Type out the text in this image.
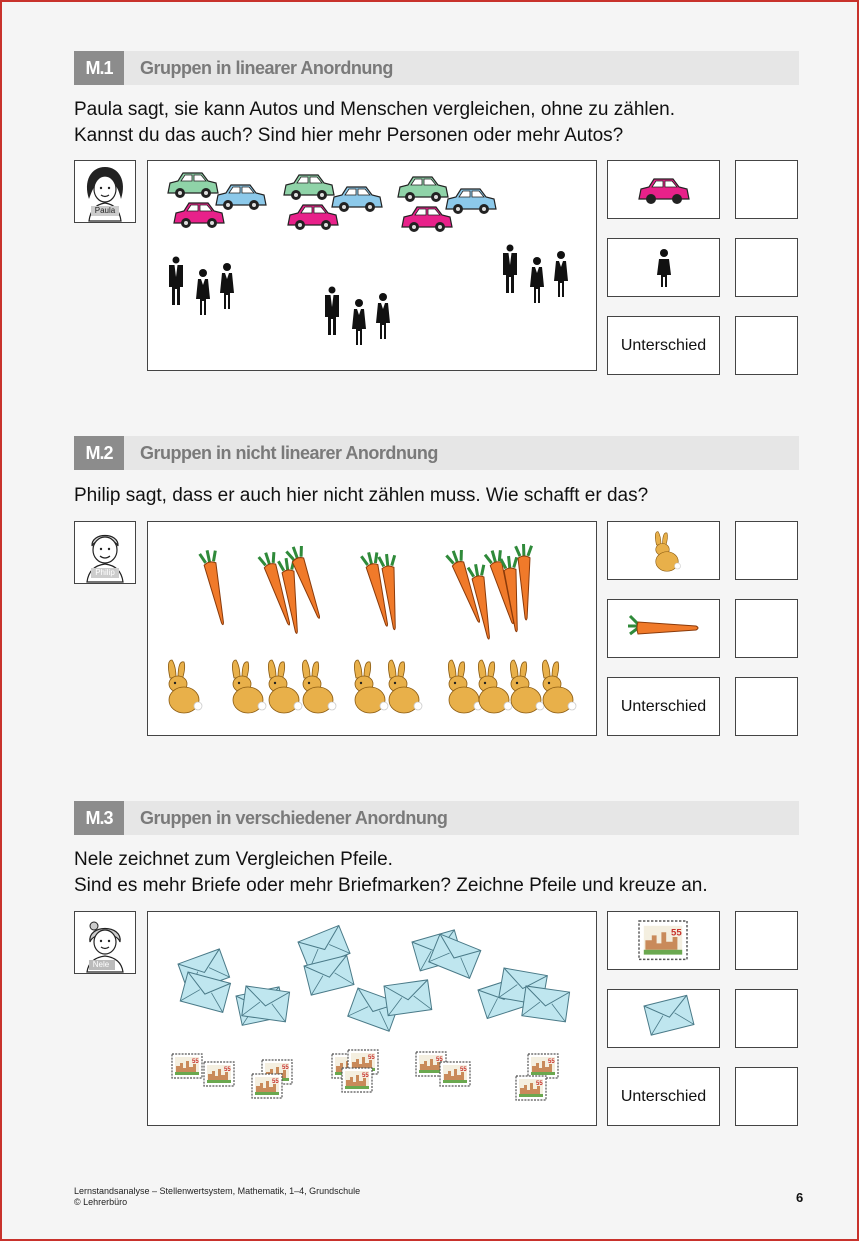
M.1	Gruppen in linearer Anordnung
Paula sagt, sie kann Autos und Menschen vergleichen, ohne zu zählen.
Kannst du das auch? Sind hier mehr Personen oder mehr Autos?
Paula
Unterschied
M.2	Gruppen in nicht linearer Anordnung
Philip sagt, dass er auch hier nicht zählen muss. Wie schafft er das?
Philip
Unterschied
M.3	Gruppen in verschiedener Anordnung
Nele zeichnet zum Vergleichen Pfeile.
Sind es mehr Briefe oder mehr Briefmarken? Zeichne Pfeile und kreuze an.
Nele
55
55
Unterschied
Lernstandsanalyse – Stellenwertsystem, Mathematik, 1–4, Grundschule
© Lehrerbüro	6
